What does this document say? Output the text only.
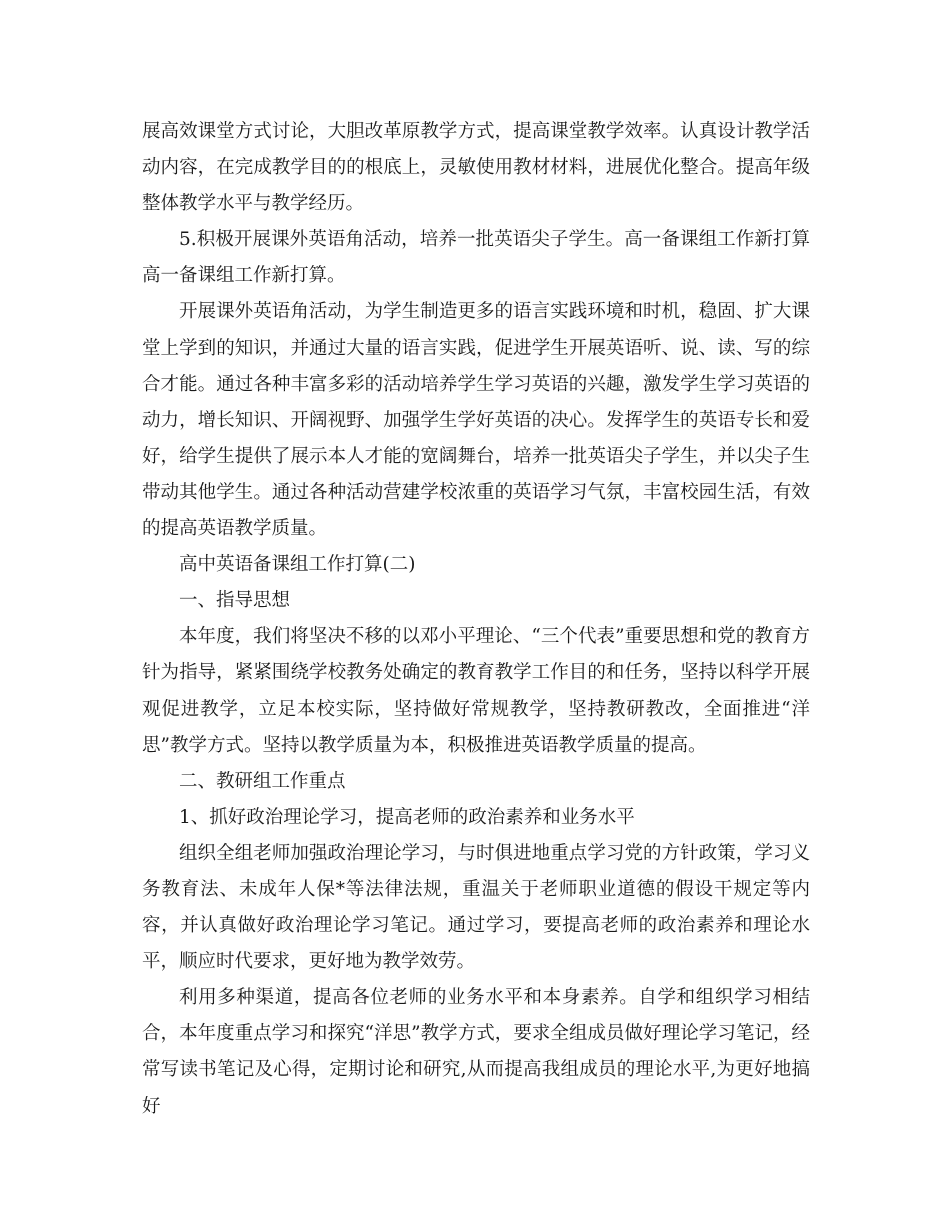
展高效课堂方式讨论，大胆改革原教学方式，提高课堂教学效率。认真设计教学活动内容，在完成教学目的的根底上，灵敏使用教材材料，进展优化整合。提高年级整体教学水平与教学经历。

5.积极开展课外英语角活动，培养一批英语尖子学生。高一备课组工作新打算高一备课组工作新打算。

开展课外英语角活动，为学生制造更多的语言实践环境和时机，稳固、扩大课堂上学到的知识，并通过大量的语言实践，促进学生开展英语听、说、读、写的综合才能。通过各种丰富多彩的活动培养学生学习英语的兴趣，激发学生学习英语的动力，增长知识、开阔视野、加强学生学好英语的决心。发挥学生的英语专长和爱好，给学生提供了展示本人才能的宽阔舞台，培养一批英语尖子学生，并以尖子生带动其他学生。通过各种活动营建学校浓重的英语学习气氛，丰富校园生活，有效的提高英语教学质量。

高中英语备课组工作打算(二)

一、指导思想

本年度，我们将坚决不移的以邓小平理论、“三个代表”重要思想和党的教育方针为指导，紧紧围绕学校教务处确定的教育教学工作目的和任务，坚持以科学开展观促进教学，立足本校实际，坚持做好常规教学，坚持教研教改，全面推进“洋思”教学方式。坚持以教学质量为本，积极推进英语教学质量的提高。

二、教研组工作重点

1、抓好政治理论学习，提高老师的政治素养和业务水平

组织全组老师加强政治理论学习，与时俱进地重点学习党的方针政策，学习义务教育法、未成年人保*等法律法规，重温关于老师职业道德的假设干规定等内容，并认真做好政治理论学习笔记。通过学习，要提高老师的政治素养和理论水平，顺应时代要求，更好地为教学效劳。

利用多种渠道，提高各位老师的业务水平和本身素养。自学和组织学习相结合，本年度重点学习和探究“洋思”教学方式，要求全组成员做好理论学习笔记，经常写读书笔记及心得，定期讨论和研究,从而提高我组成员的理论水平,为更好地搞好
